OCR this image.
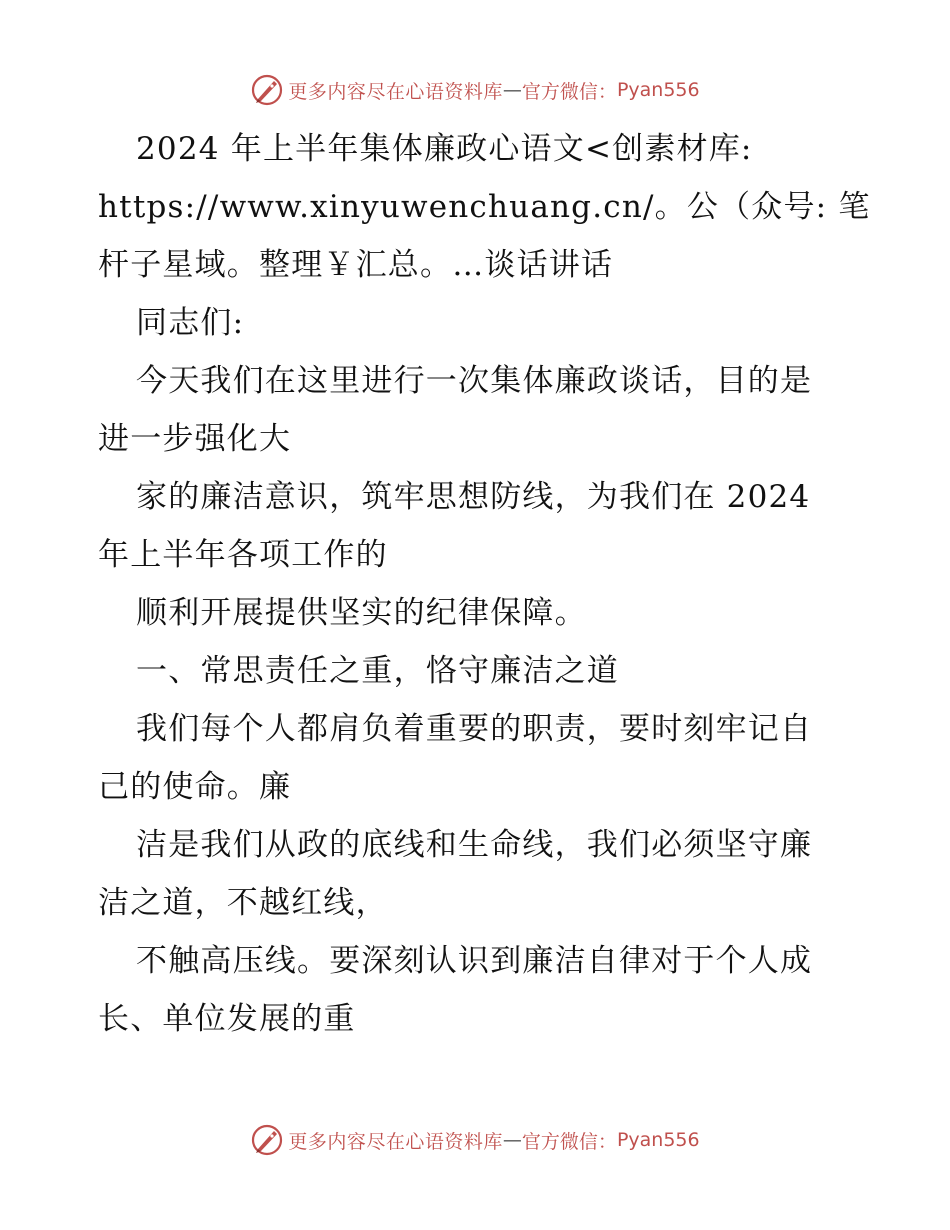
更多内容尽在心语资料库 — 官方微信： Pyan556
2024 年上半年集体廉政心语文<创素材库:
https://www.xinyuwenchuang.cn/。公（众号: 笔
杆子星域。整理￥汇总。…谈话讲话
同志们:
今天我们在这里进行一次集体廉政谈话，目的是
进一步强化大
家的廉洁意识，筑牢思想防线，为我们在 2024
年上半年各项工作的
顺利开展提供坚实的纪律保障。
一、常思责任之重，恪守廉洁之道
我们每个人都肩负着重要的职责，要时刻牢记自
己的使命。廉
洁是我们从政的底线和生命线，我们必须坚守廉
洁之道，不越红线，
不触高压线。要深刻认识到廉洁自律对于个人成
长、单位发展的重
更多内容尽在心语资料库 — 官方微信： Pyan556
